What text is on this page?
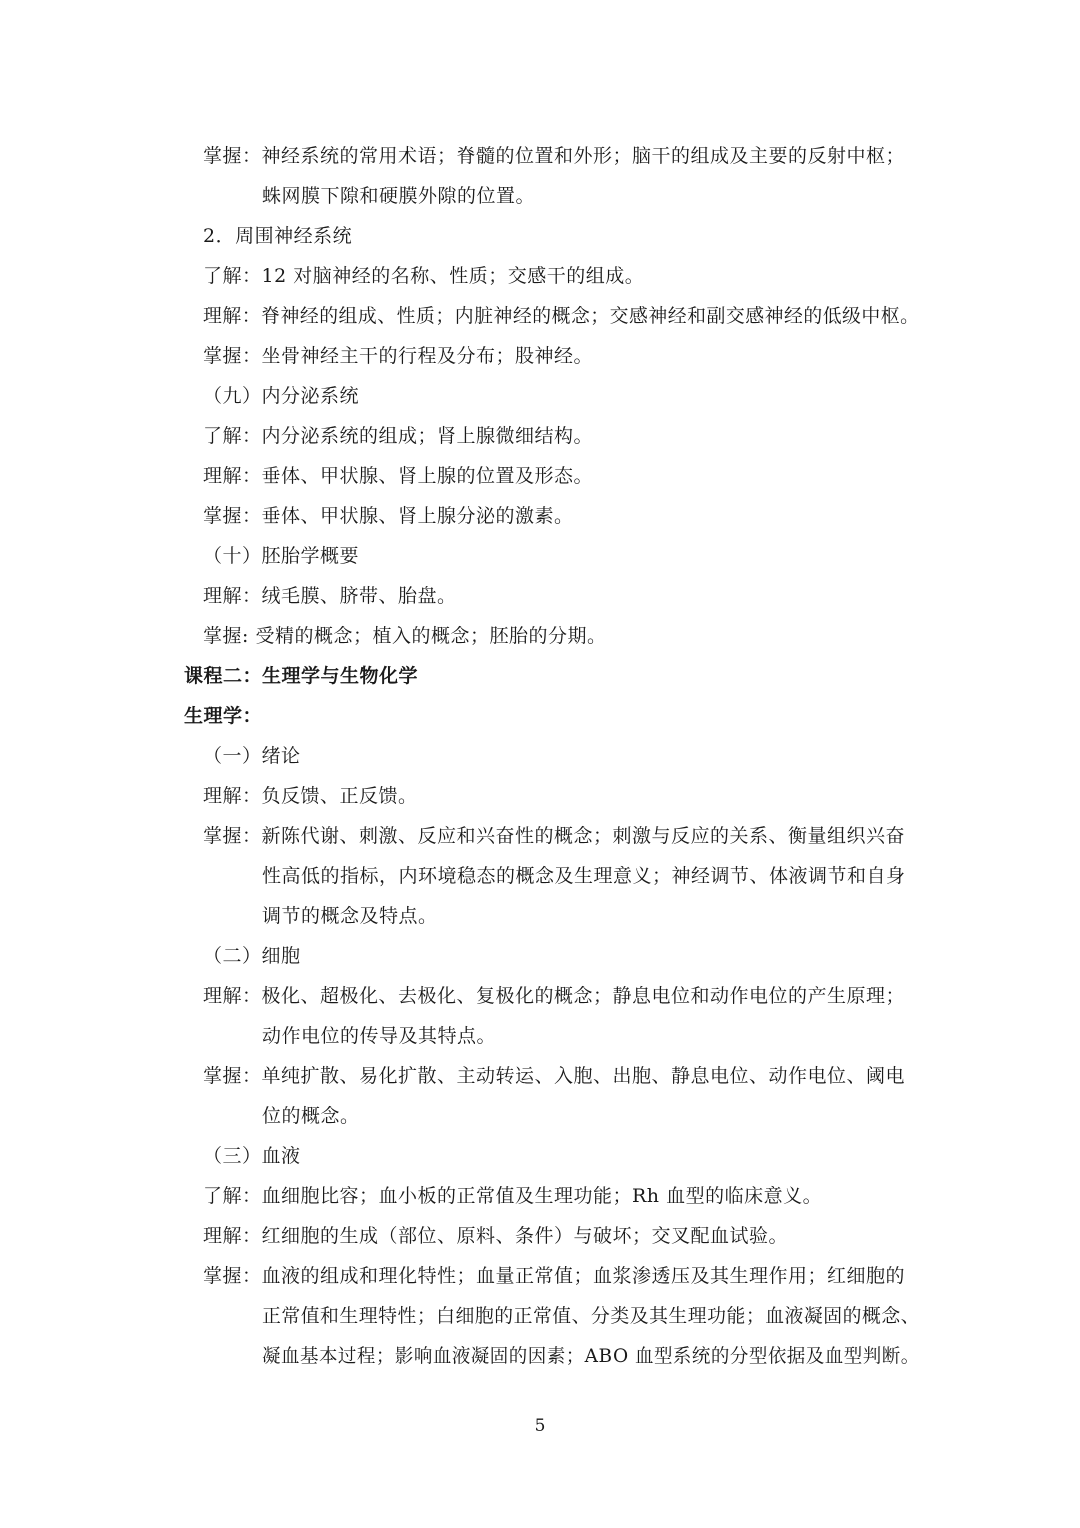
掌握：神经系统的常用术语；脊髓的位置和外形；脑干的组成及主要的反射中枢；
蛛网膜下隙和硬膜外隙的位置。
2．周围神经系统
了解：12 对脑神经的名称、性质；交感干的组成。
理解：脊神经的组成、性质；内脏神经的概念；交感神经和副交感神经的低级中枢。
掌握：坐骨神经主干的行程及分布；股神经。
（九）内分泌系统
了解：内分泌系统的组成；肾上腺微细结构。
理解：垂体、甲状腺、肾上腺的位置及形态。
掌握：垂体、甲状腺、肾上腺分泌的激素。
（十）胚胎学概要
理解：绒毛膜、脐带、胎盘。
掌握: 受精的概念；植入的概念；胚胎的分期。
课程二：生理学与生物化学
生理学：
（一）绪论
理解：负反馈、正反馈。
掌握：新陈代谢、刺激、反应和兴奋性的概念；刺激与反应的关系、衡量组织兴奋
性高低的指标，内环境稳态的概念及生理意义；神经调节、体液调节和自身
调节的概念及特点。
（二）细胞
理解：极化、超极化、去极化、复极化的概念；静息电位和动作电位的产生原理；
动作电位的传导及其特点。
掌握：单纯扩散、易化扩散、主动转运、入胞、出胞、静息电位、动作电位、阈电
位的概念。
（三）血液
了解：血细胞比容；血小板的正常值及生理功能；Rh 血型的临床意义。
理解：红细胞的生成（部位、原料、条件）与破坏；交叉配血试验。
掌握：血液的组成和理化特性；血量正常值；血浆渗透压及其生理作用；红细胞的
正常值和生理特性；白细胞的正常值、分类及其生理功能；血液凝固的概念、
凝血基本过程；影响血液凝固的因素；ABO 血型系统的分型依据及血型判断。
5
